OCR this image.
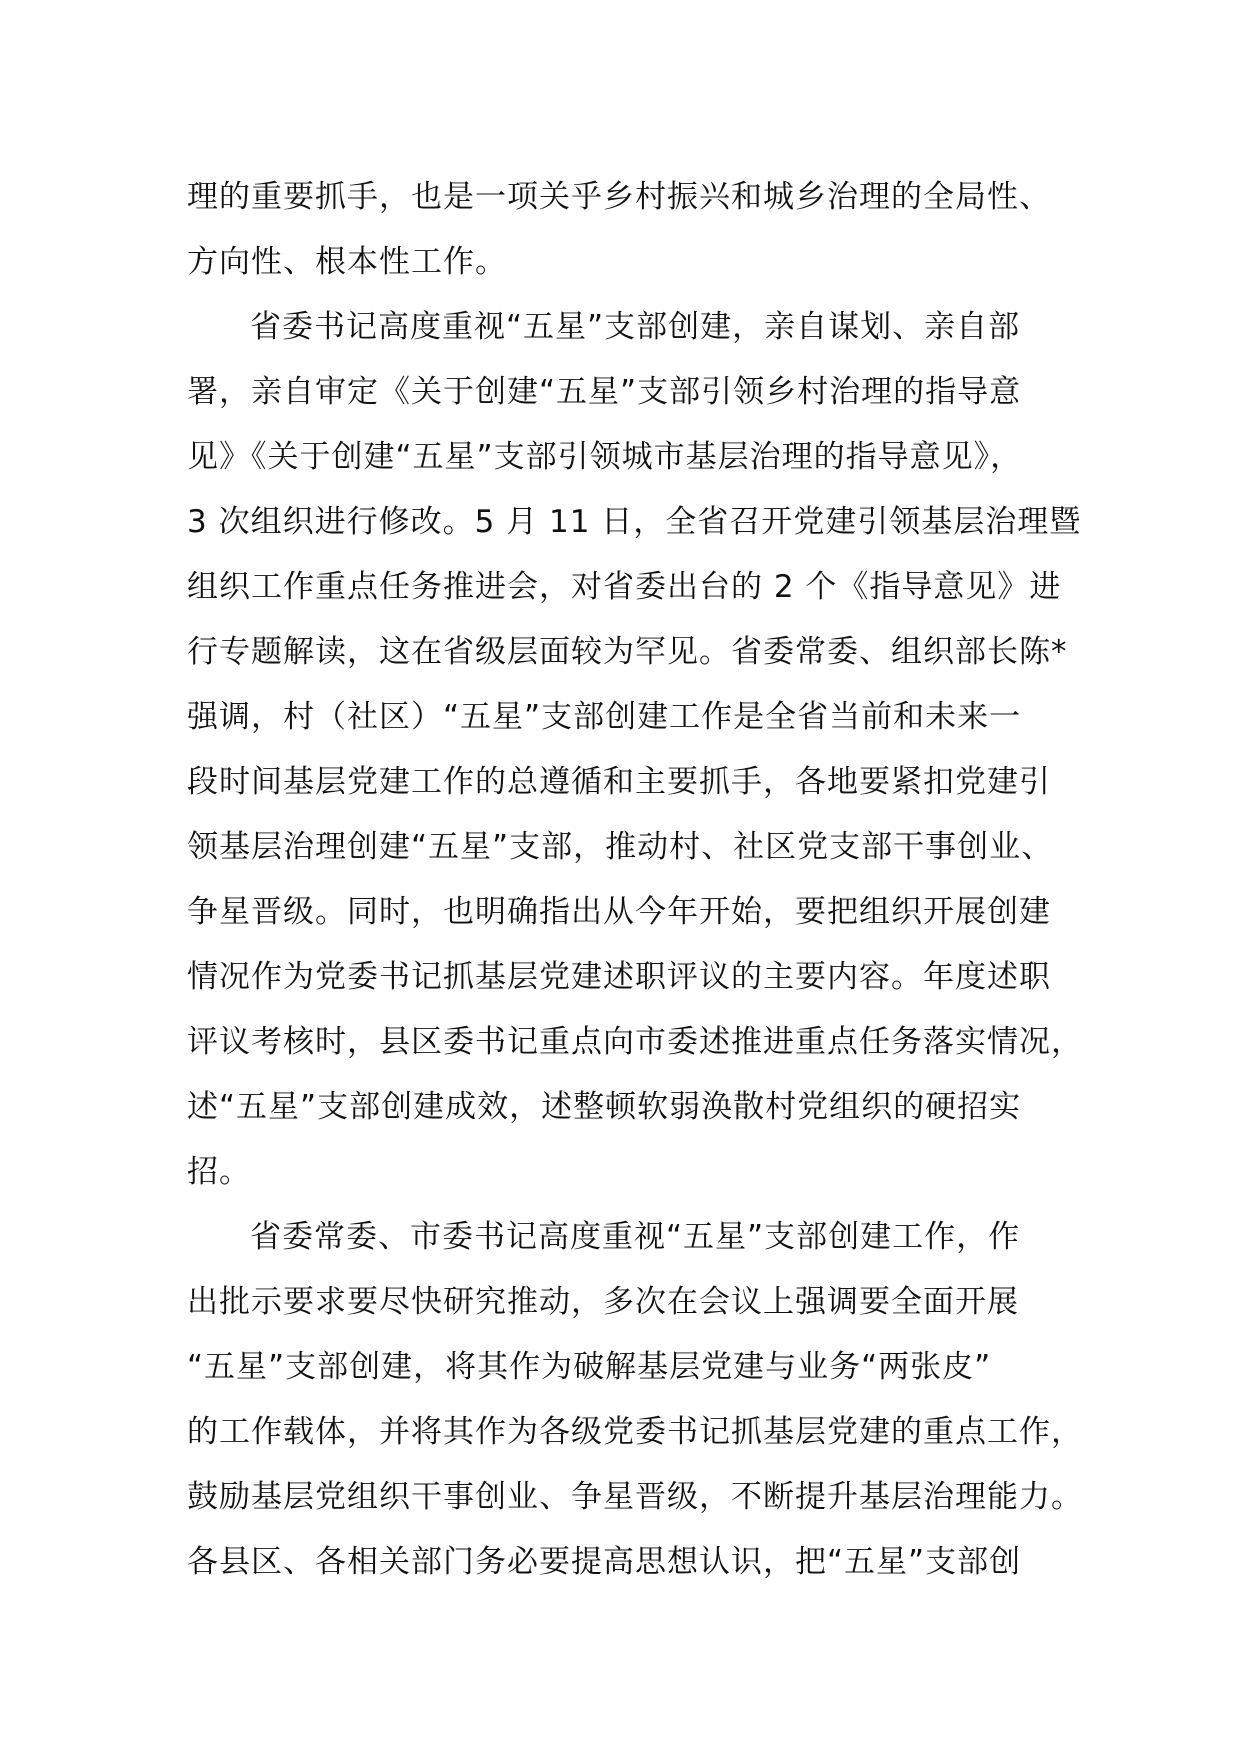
理的重要抓手，也是一项关乎乡村振兴和城乡治理的全局性、
方向性、根本性工作。
省委书记高度重视“五星”支部创建，亲自谋划、亲自部
署，亲自审定《关于创建“五星”支部引领乡村治理的指导意
见》《关于创建“五星”支部引领城市基层治理的指导意见》，
3 次组织进行修改。5 月 11 日，全省召开党建引领基层治理暨
组织工作重点任务推进会，对省委出台的 2 个《指导意见》进
行专题解读，这在省级层面较为罕见。省委常委、组织部长陈*
强调，村（社区）“五星”支部创建工作是全省当前和未来一
段时间基层党建工作的总遵循和主要抓手，各地要紧扣党建引
领基层治理创建“五星”支部，推动村、社区党支部干事创业、
争星晋级。同时，也明确指出从今年开始，要把组织开展创建
情况作为党委书记抓基层党建述职评议的主要内容。年度述职
评议考核时，县区委书记重点向市委述推进重点任务落实情况，
述“五星”支部创建成效，述整顿软弱涣散村党组织的硬招实
招。
省委常委、市委书记高度重视“五星”支部创建工作，作
出批示要求要尽快研究推动，多次在会议上强调要全面开展
“五星”支部创建，将其作为破解基层党建与业务“两张皮”
的工作载体，并将其作为各级党委书记抓基层党建的重点工作，
鼓励基层党组织干事创业、争星晋级，不断提升基层治理能力。
各县区、各相关部门务必要提高思想认识，把“五星”支部创
